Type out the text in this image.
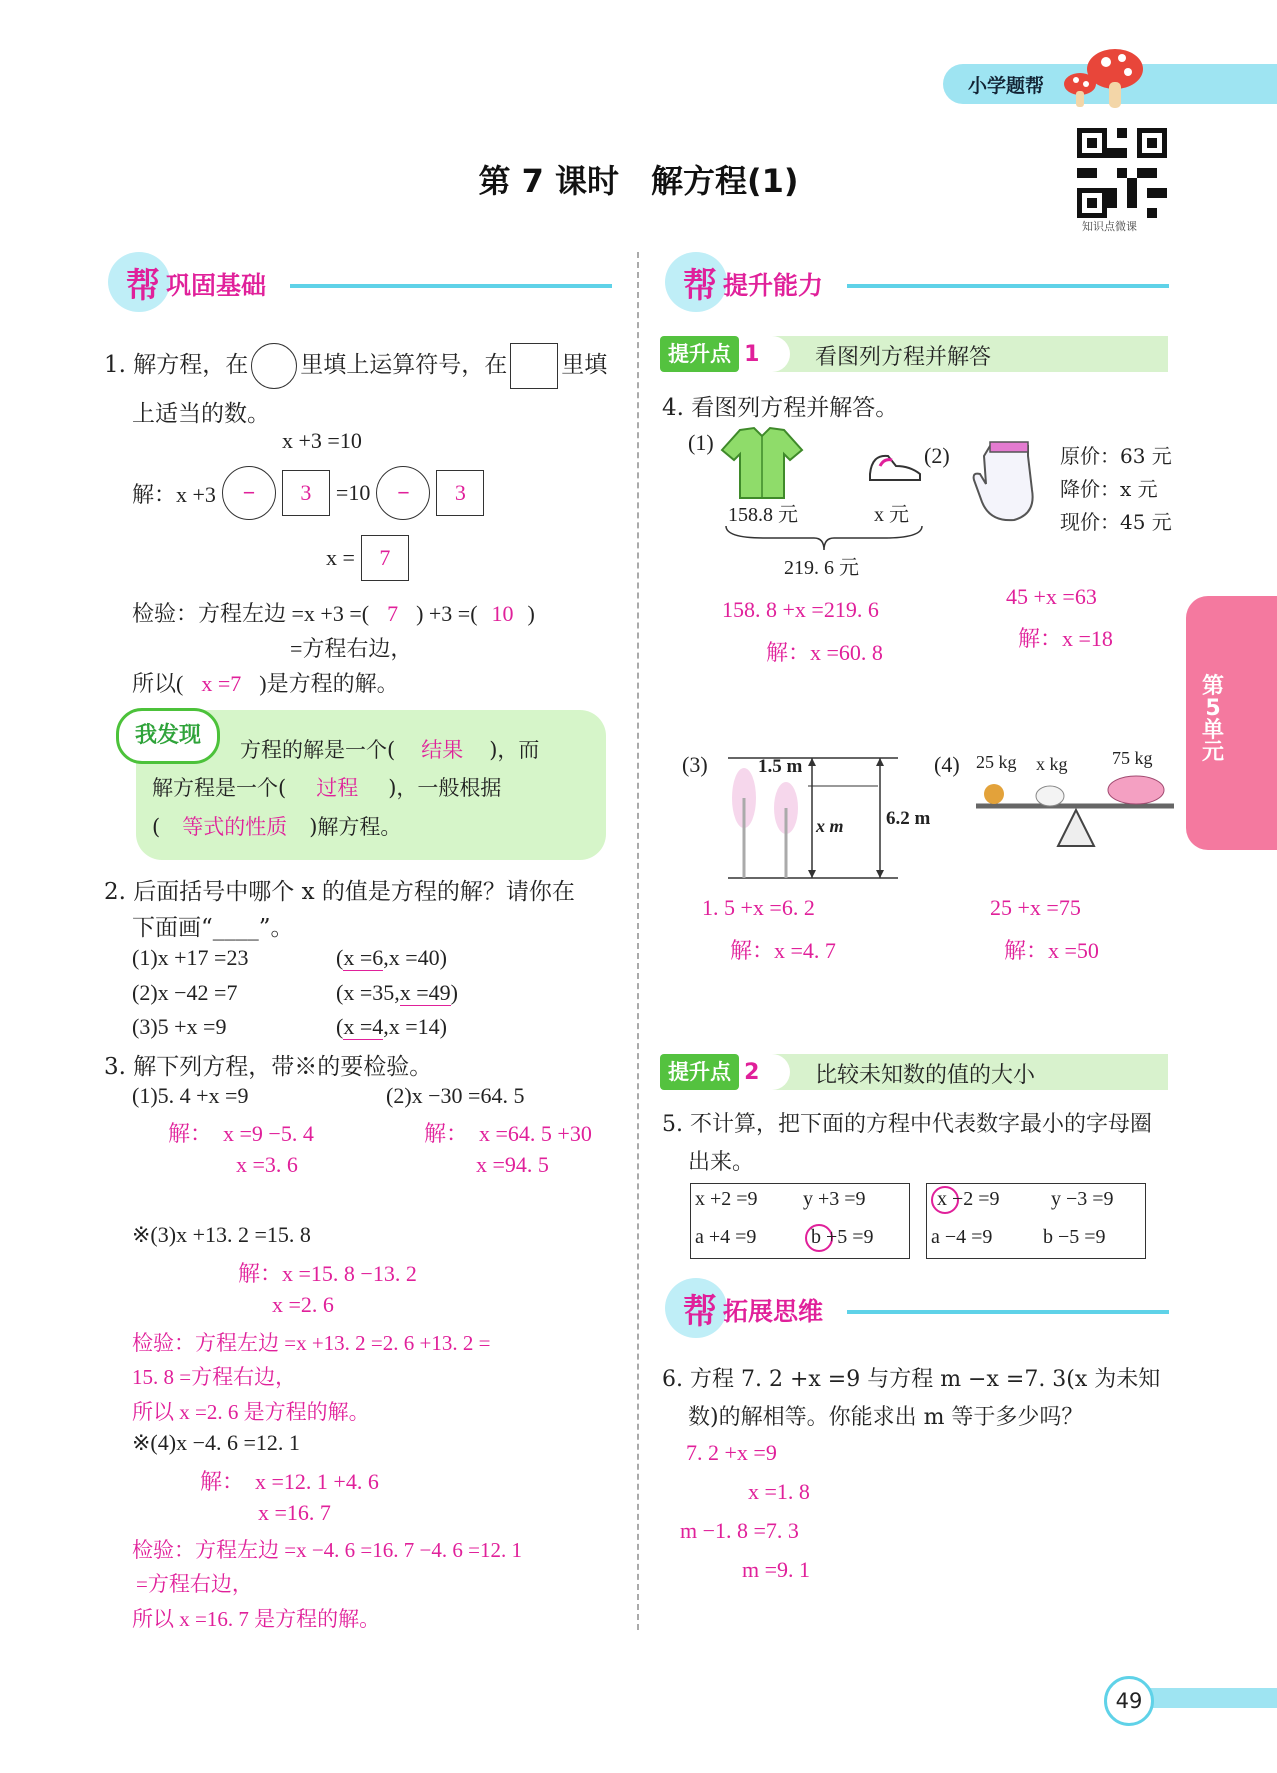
小学题帮
第 7 课时　解方程(1)
知识点微课
第
5
单
元
帮 巩固基础
1. 解方程，在 里填上运算符号，在 里填
上适当的数。
x +3 =10
解：x +3	−	3	=10	−	3
x =	7
检验：方程左边 =x +3 =( 7 ) +3 =( 10 )
=方程右边，
所以( x =7 )是方程的解。
我发现
方程的解是一个( 结果 )，而
解方程是一个( 过程 )，一般根据
( 等式的性质 )解方程。
2. 后面括号中哪个 x 的值是方程的解？请你在
下面画“____”。
(1)x +17 =23	(x =6,x =40)
(2)x −42 =7	(x =35,x =49)
(3)5 +x =9	(x =4,x =14)
3. 解下列方程，带※的要检验。
(1)5. 4 +x =9
解：　x =9 −5. 4
x =3. 6
(2)x −30 =64. 5
解：　x =64. 5 +30
x =94. 5
※(3)x +13. 2 =15. 8
解：x =15. 8 −13. 2
x =2. 6
检验：方程左边 =x +13. 2 =2. 6 +13. 2 =
15. 8 =方程右边，
所以 x =2. 6 是方程的解。
※(4)x −4. 6 =12. 1
解：　x =12. 1 +4. 6
x =16. 7
检验：方程左边 =x −4. 6 =16. 7 −4. 6 =12. 1
=方程右边，
所以 x =16. 7 是方程的解。
帮 提升能力
提升点 1	看图列方程并解答
4. 看图列方程并解答。
(1)
(2)
158.8 元	x 元
219. 6 元
原价：63 元
降价：x 元
现价：45 元
158. 8 +x =219. 6
解：x =60. 8
45 +x =63
解：x =18
(3)	1.5 m
x m 6.2 m
1. 5 +x =6. 2
解：x =4. 7
(4) 25 kg x kg 75 kg
25 +x =75
解：x =50
提升点 2	比较未知数的值的大小
5. 不计算，把下面的方程中代表数字最小的字母圈
出来。
x +2 =9 y +3 =9
a +4 =9	b +5 =9
x −2 =9	y −3 =9
a −4 =9	b −5 =9
帮 拓展思维
6. 方程 7. 2 +x =9 与方程 m −x =7. 3(x 为未知
数)的解相等。你能求出 m 等于多少吗？
7. 2 +x =9
x =1. 8
m −1. 8 =7. 3
m =9. 1
49
